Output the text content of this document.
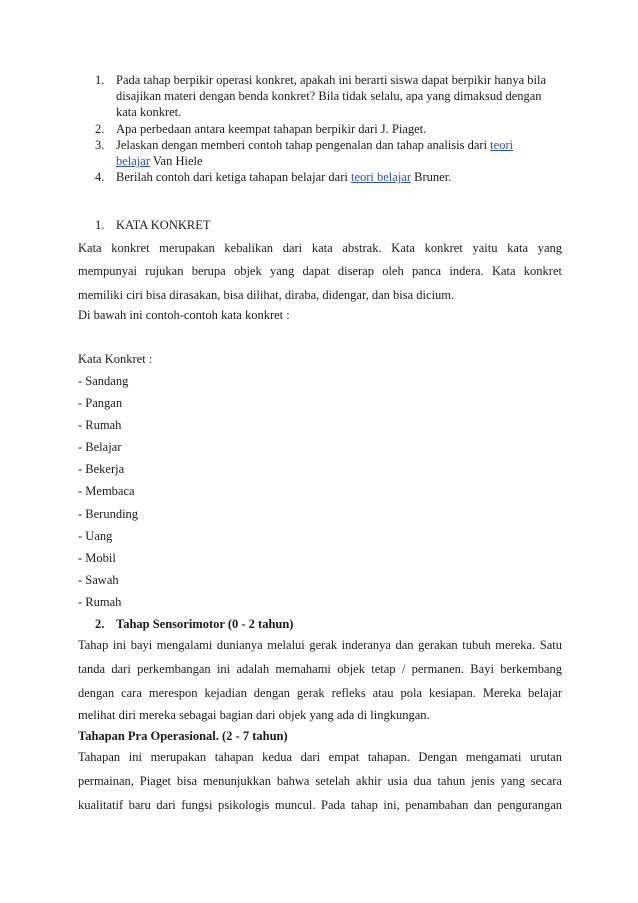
1. Pada tahap berpikir operasi konkret, apakah ini berarti siswa dapat berpikir hanya bila
disajikan materi dengan benda konkret? Bila tidak selalu, apa yang dimaksud dengan
kata konkret.
2. Apa perbedaan antara keempat tahapan berpikir dari J. Piaget.
3. Jelaskan dengan memberi contoh tahap pengenalan dan tahap analisis dari teori
belajar Van Hiele
4. Berilah contoh dari ketiga tahapan belajar dari teori belajar Bruner.
1. KATA KONKRET
Kata konkret merupakan kebalikan dari kata abstrak. Kata konkret yaitu kata yang
mempunyai rujukan berupa objek yang dapat diserap oleh panca indera. Kata konkret
memiliki ciri bisa dirasakan, bisa dilihat, diraba, didengar, dan bisa dicium.
Di bawah ini contoh-contoh kata konkret :
Kata Konkret :
- Sandang
- Pangan
- Rumah
- Belajar
- Bekerja
- Membaca
- Berunding
- Uang
- Mobil
- Sawah
- Rumah
2. Tahap Sensorimotor (0 - 2 tahun)
Tahap ini bayi mengalami dunianya melalui gerak inderanya dan gerakan tubuh mereka. Satu
tanda dari perkembangan ini adalah memahami objek tetap / permanen. Bayi berkembang
dengan cara merespon kejadian dengan gerak refleks atau pola kesiapan. Mereka belajar
melihat diri mereka sebagai bagian dari objek yang ada di lingkungan.
Tahapan Pra Operasional. (2 - 7 tahun)
Tahapan ini merupakan tahapan kedua dari empat tahapan. Dengan mengamati urutan
permainan, Piaget bisa menunjukkan bahwa setelah akhir usia dua tahun jenis yang secara
kualitatif baru dari fungsi psikologis muncul. Pada tahap ini, penambahan dan pengurangan
